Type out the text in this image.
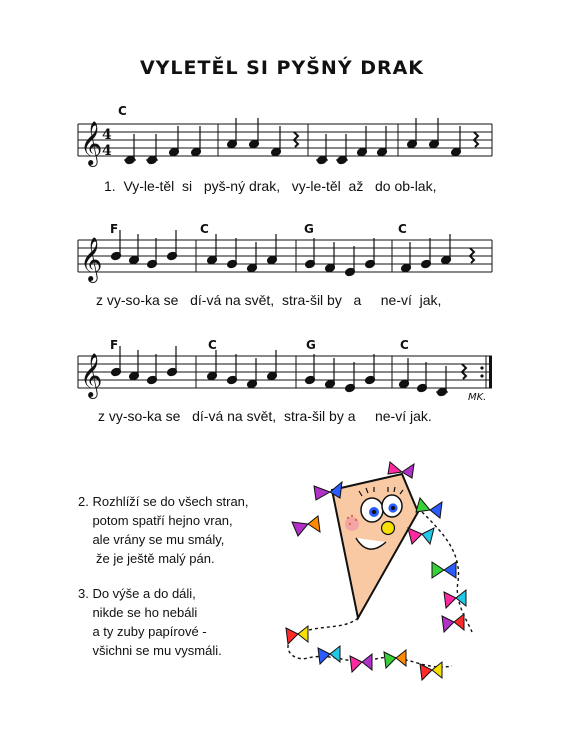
VYLETĚL SI PYŠNÝ DRAK
C
𝄞 4
4
1.  Vy-le-těl  si   pyš-ný drak,   vy-le-těl  až   do ob-lak,
F	C	G	C
𝄞
z vy-so-ka se   dí-vá na svět,  stra-šil by   a     ne-ví  jak,
F	C	G	C
𝄞
MK.
z vy-so-ka se   dí-vá na svět,  stra-šil by a     ne-ví jak.
2. Rozhlíží se do všech stran,
potom spatří hejno vran,
ale vrány se mu smály,
že je ještě malý pán.
3. Do výše a do dáli,
nikde se ho nebáli
a ty zuby papírové -
všichni se mu vysmáli.
